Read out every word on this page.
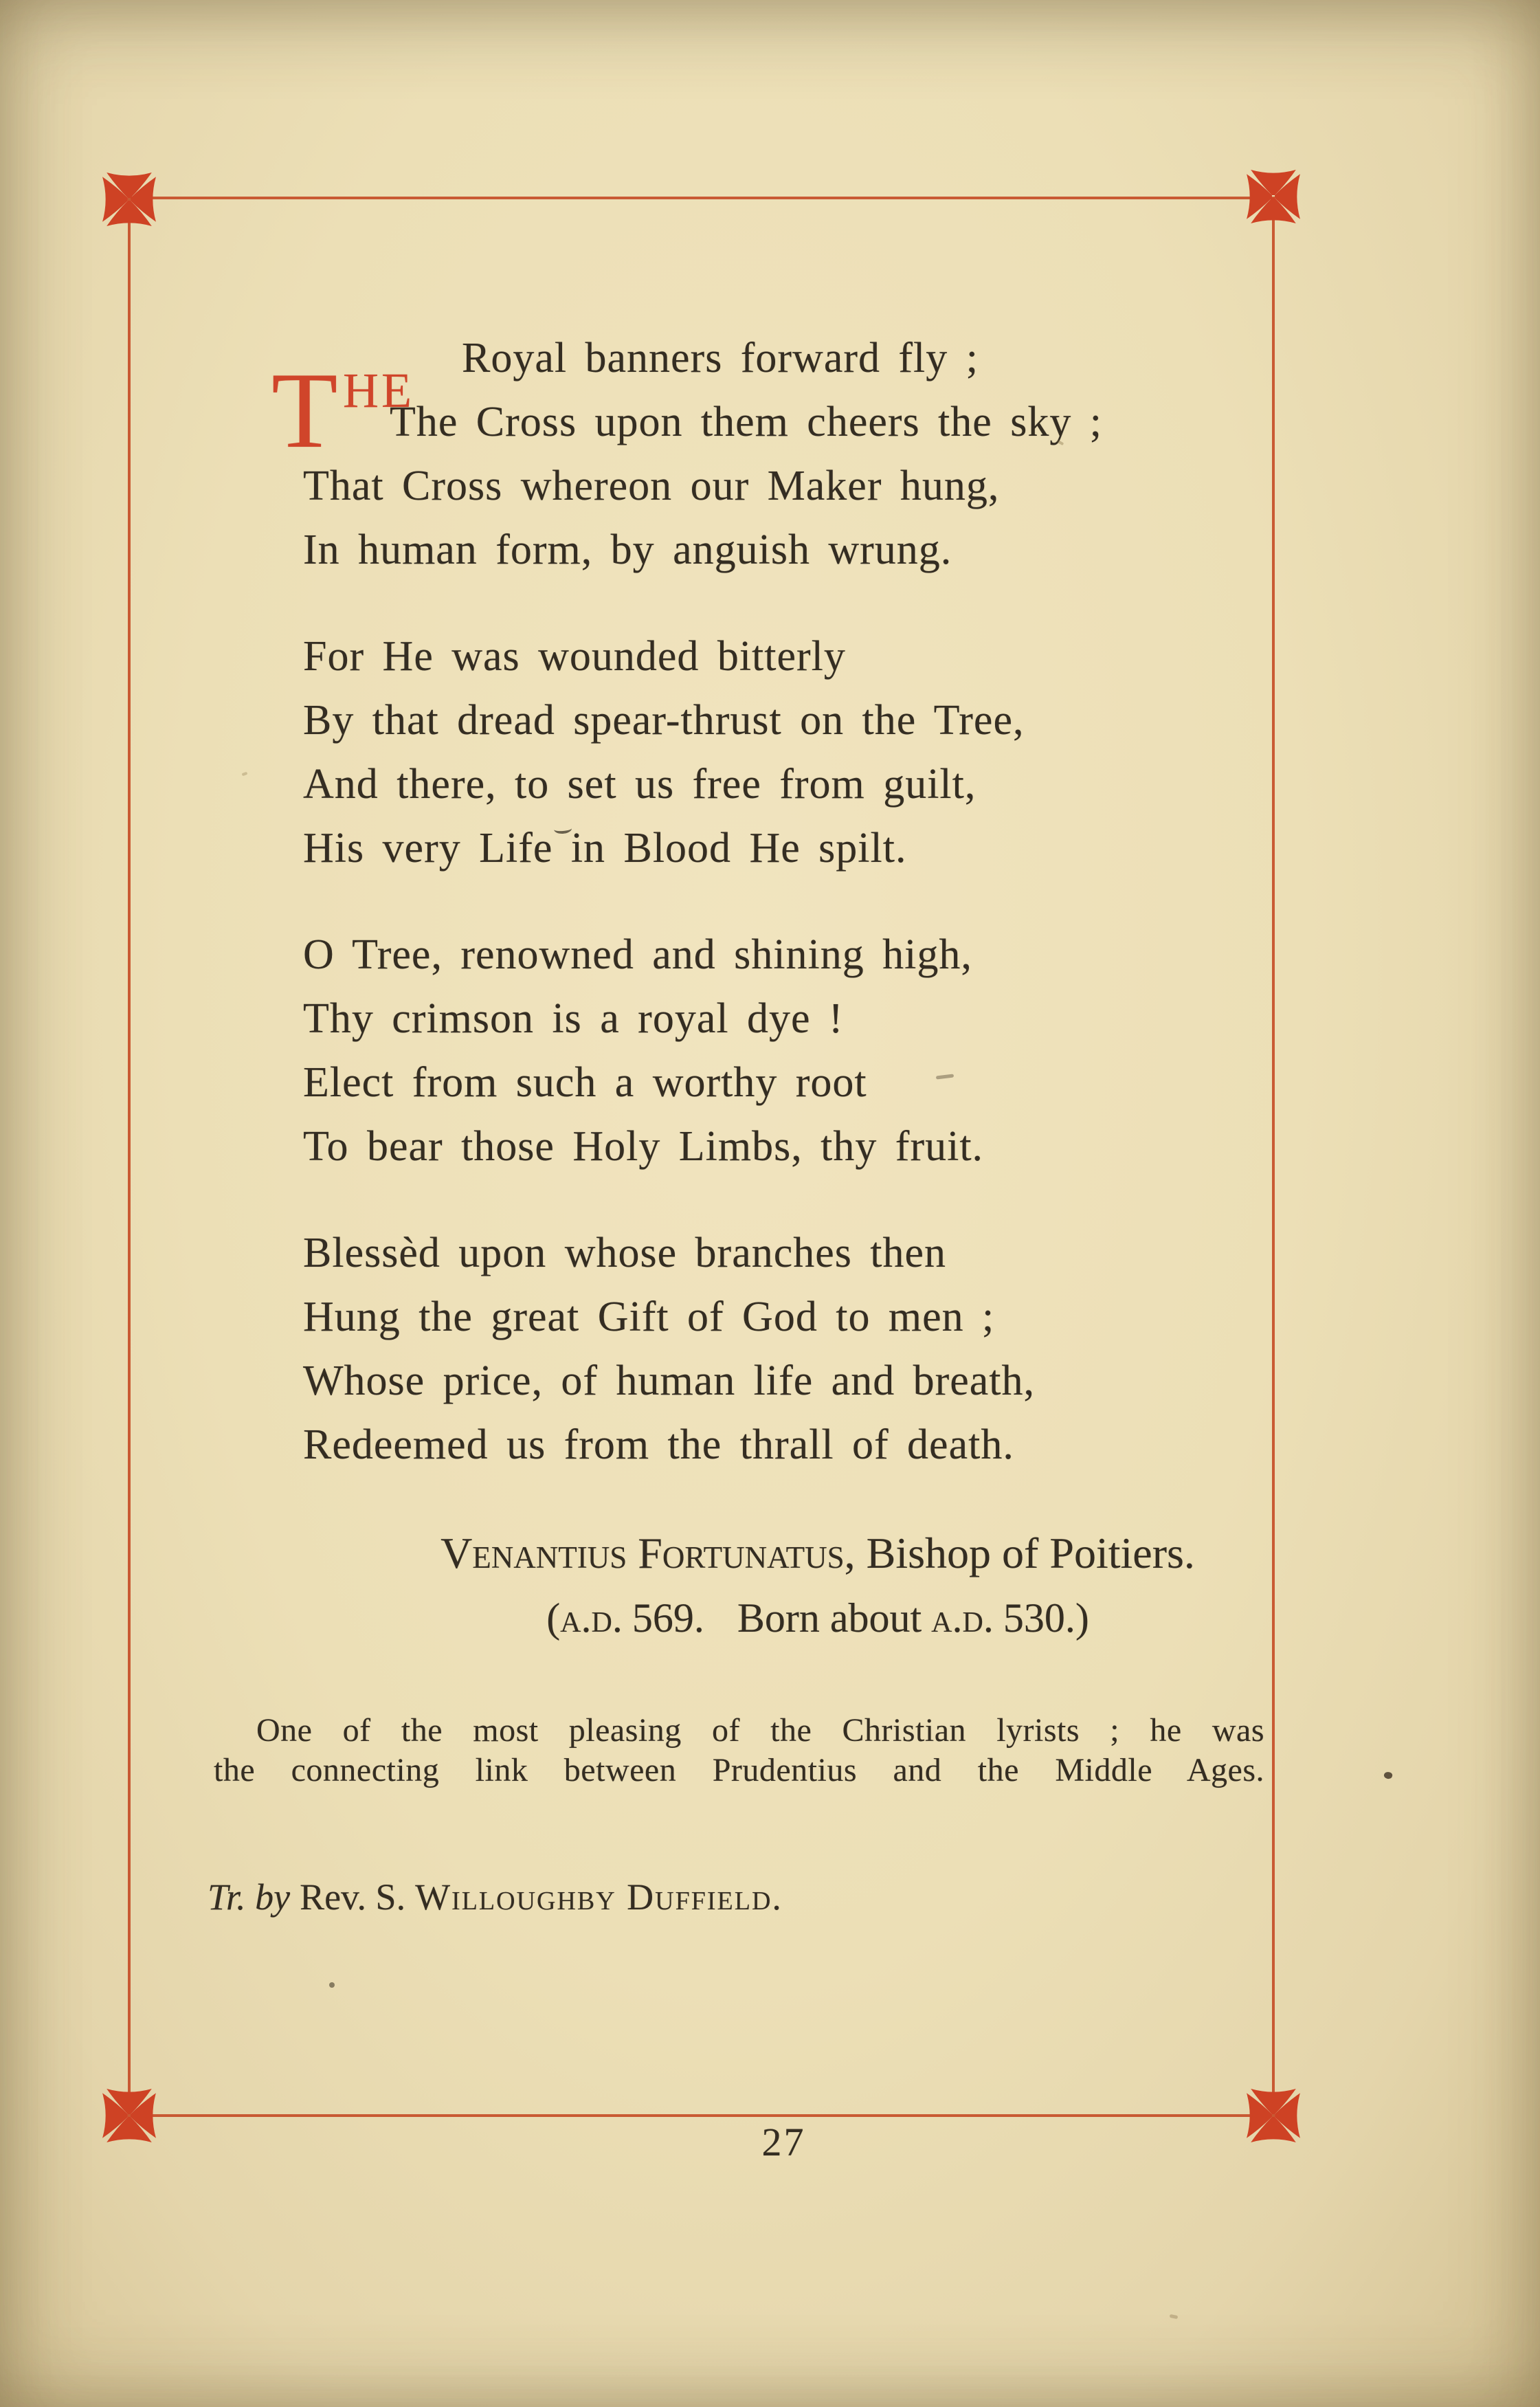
T HE
Royal banners forward fly ;
The Cross upon them cheers the sky ;
That Cross whereon our Maker hung,
In human form, by anguish wrung.
For He was wounded bitterly
By that dread spear-thrust on the Tree,
And there, to set us free from guilt,
His very Life in Blood He spilt.
O Tree, renowned and shining high,
Thy crimson is a royal dye !
Elect from such a worthy root
To bear those Holy Limbs, thy fruit.
Blessèd upon whose branches then
Hung the great Gift of God to men ;
Whose price, of human life and breath,
Redeemed us from the thrall of death.
Venantius Fortunatus, Bishop of Poitiers.
(a.d. 569. Born about a.d. 530.)
One of the most pleasing of the Christian lyrists ; he was
the connecting link between Prudentius and the Middle Ages.
Tr. by Rev. S. Willoughby Duffield.
27
